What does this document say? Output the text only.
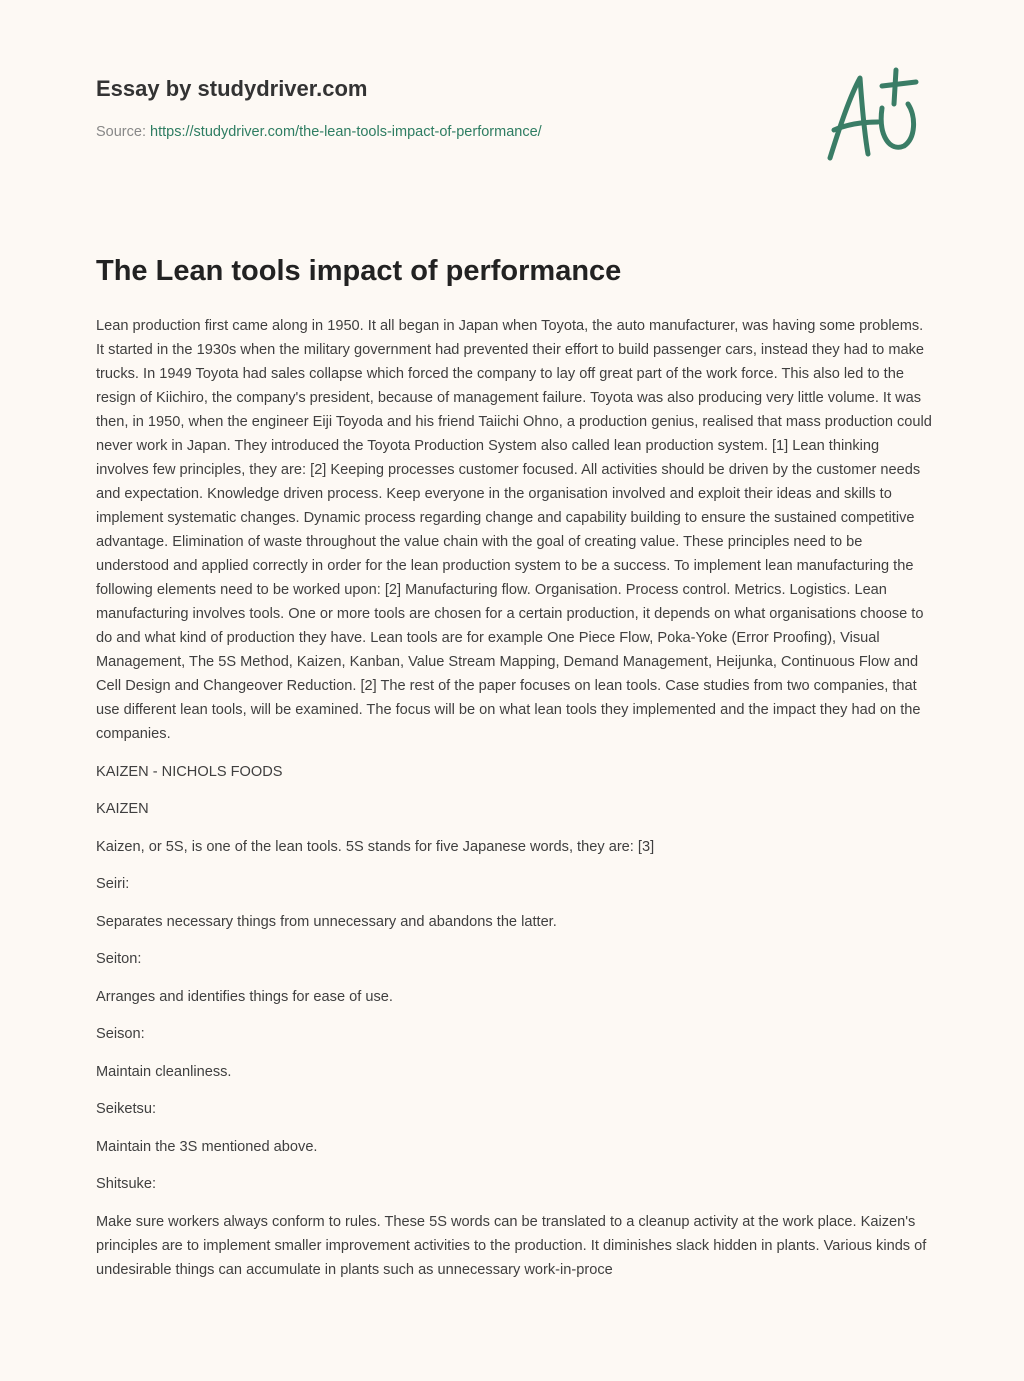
Essay by studydriver.com
Source: https://studydriver.com/the-lean-tools-impact-of-performance/
The Lean tools impact of performance

Lean production first came along in 1950. It all began in Japan when Toyota, the auto manufacturer, was having some problems. It started in the 1930s when the military government had prevented their effort to build passenger cars, instead they had to make trucks. In 1949 Toyota had sales collapse which forced the company to lay off great part of the work force. This also led to the resign of Kiichiro, the company's president, because of management failure. Toyota was also producing very little volume. It was then, in 1950, when the engineer Eiji Toyoda and his friend Taiichi Ohno, a production genius, realised that mass production could never work in Japan. They introduced the Toyota Production System also called lean production system. [1] Lean thinking involves few principles, they are: [2] Keeping processes customer focused. All activities should be driven by the customer needs and expectation. Knowledge driven process. Keep everyone in the organisation involved and exploit their ideas and skills to implement systematic changes. Dynamic process regarding change and capability building to ensure the sustained competitive advantage. Elimination of waste throughout the value chain with the goal of creating value. These principles need to be understood and applied correctly in order for the lean production system to be a success. To implement lean manufacturing the following elements need to be worked upon: [2] Manufacturing flow. Organisation. Process control. Metrics. Logistics. Lean manufacturing involves tools. One or more tools are chosen for a certain production, it depends on what organisations choose to do and what kind of production they have. Lean tools are for example One Piece Flow, Poka-Yoke (Error Proofing), Visual Management, The 5S Method, Kaizen, Kanban, Value Stream Mapping, Demand Management, Heijunka, Continuous Flow and Cell Design and Changeover Reduction. [2] The rest of the paper focuses on lean tools. Case studies from two companies, that use different lean tools, will be examined. The focus will be on what lean tools they implemented and the impact they had on the companies.

KAIZEN - NICHOLS FOODS

KAIZEN

Kaizen, or 5S, is one of the lean tools. 5S stands for five Japanese words, they are: [3]

Seiri:

Separates necessary things from unnecessary and abandons the latter.

Seiton:

Arranges and identifies things for ease of use.

Seison:

Maintain cleanliness.

Seiketsu:

Maintain the 3S mentioned above.

Shitsuke:

Make sure workers always conform to rules. These 5S words can be translated to a cleanup activity at the work place. Kaizen's principles are to implement smaller improvement activities to the production. It diminishes slack hidden in plants. Various kinds of undesirable things can accumulate in plants such as unnecessary work-in-proce
